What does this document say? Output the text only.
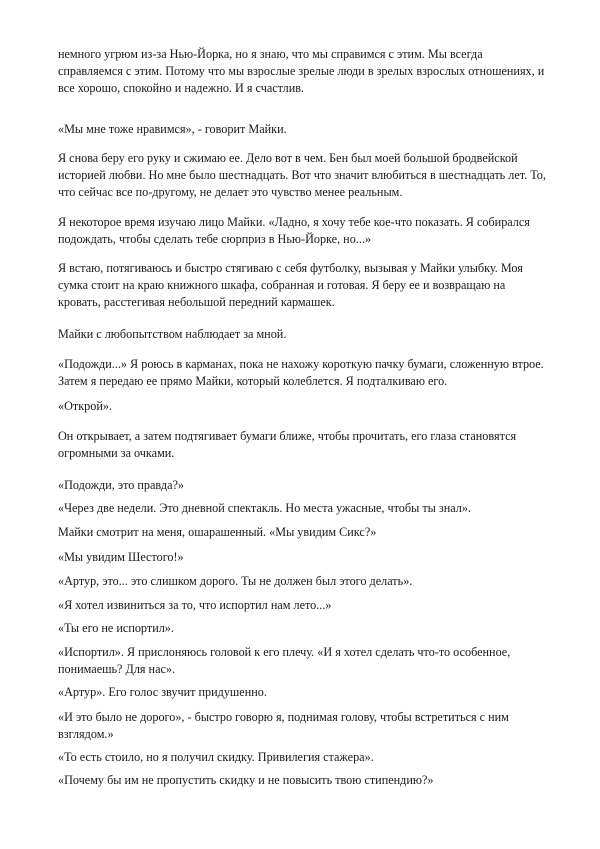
немного угрюм из-за Нью-Йорка, но я знаю, что мы справимся с этим. Мы всегда
справляемся с этим. Потому что мы взрослые зрелые люди в зрелых взрослых отношениях, и
все хорошо, спокойно и надежно. И я счастлив.
«Мы мне тоже нравимся», - говорит Майки.
Я снова беру его руку и сжимаю ее. Дело вот в чем. Бен был моей большой бродвейской
историей любви. Но мне было шестнадцать. Вот что значит влюбиться в шестнадцать лет. То,
что сейчас все по-другому, не делает это чувство менее реальным.
Я некоторое время изучаю лицо Майки. «Ладно, я хочу тебе кое-что показать. Я собирался
подождать, чтобы сделать тебе сюрприз в Нью-Йорке, но...»
Я встаю, потягиваюсь и быстро стягиваю с себя футболку, вызывая у Майки улыбку. Моя
сумка стоит на краю книжного шкафа, собранная и готовая. Я беру ее и возвращаю на
кровать, расстегивая небольшой передний кармашек.
Майки с любопытством наблюдает за мной.
«Подожди...» Я роюсь в карманах, пока не нахожу короткую пачку бумаги, сложенную втрое.
Затем я передаю ее прямо Майки, который колеблется. Я подталкиваю его.
«Открой».
Он открывает, а затем подтягивает бумаги ближе, чтобы прочитать, его глаза становятся
огромными за очками.
«Подожди, это правда?»
«Через две недели. Это дневной спектакль. Но места ужасные, чтобы ты знал».
Майки смотрит на меня, ошарашенный. «Мы увидим Сикс?»
«Мы увидим Шестого!»
«Артур, это... это слишком дорого. Ты не должен был этого делать».
«Я хотел извиниться за то, что испортил нам лето...»
«Ты его не испортил».
«Испортил». Я прислоняюсь головой к его плечу. «И я хотел сделать что-то особенное,
понимаешь? Для нас».
«Артур». Его голос звучит придушенно.
«И это было не дорого», - быстро говорю я, поднимая голову, чтобы встретиться с ним
взглядом.»
«То есть стоило, но я получил скидку. Привилегия стажера».
«Почему бы им не пропустить скидку и не повысить твою стипендию?»
